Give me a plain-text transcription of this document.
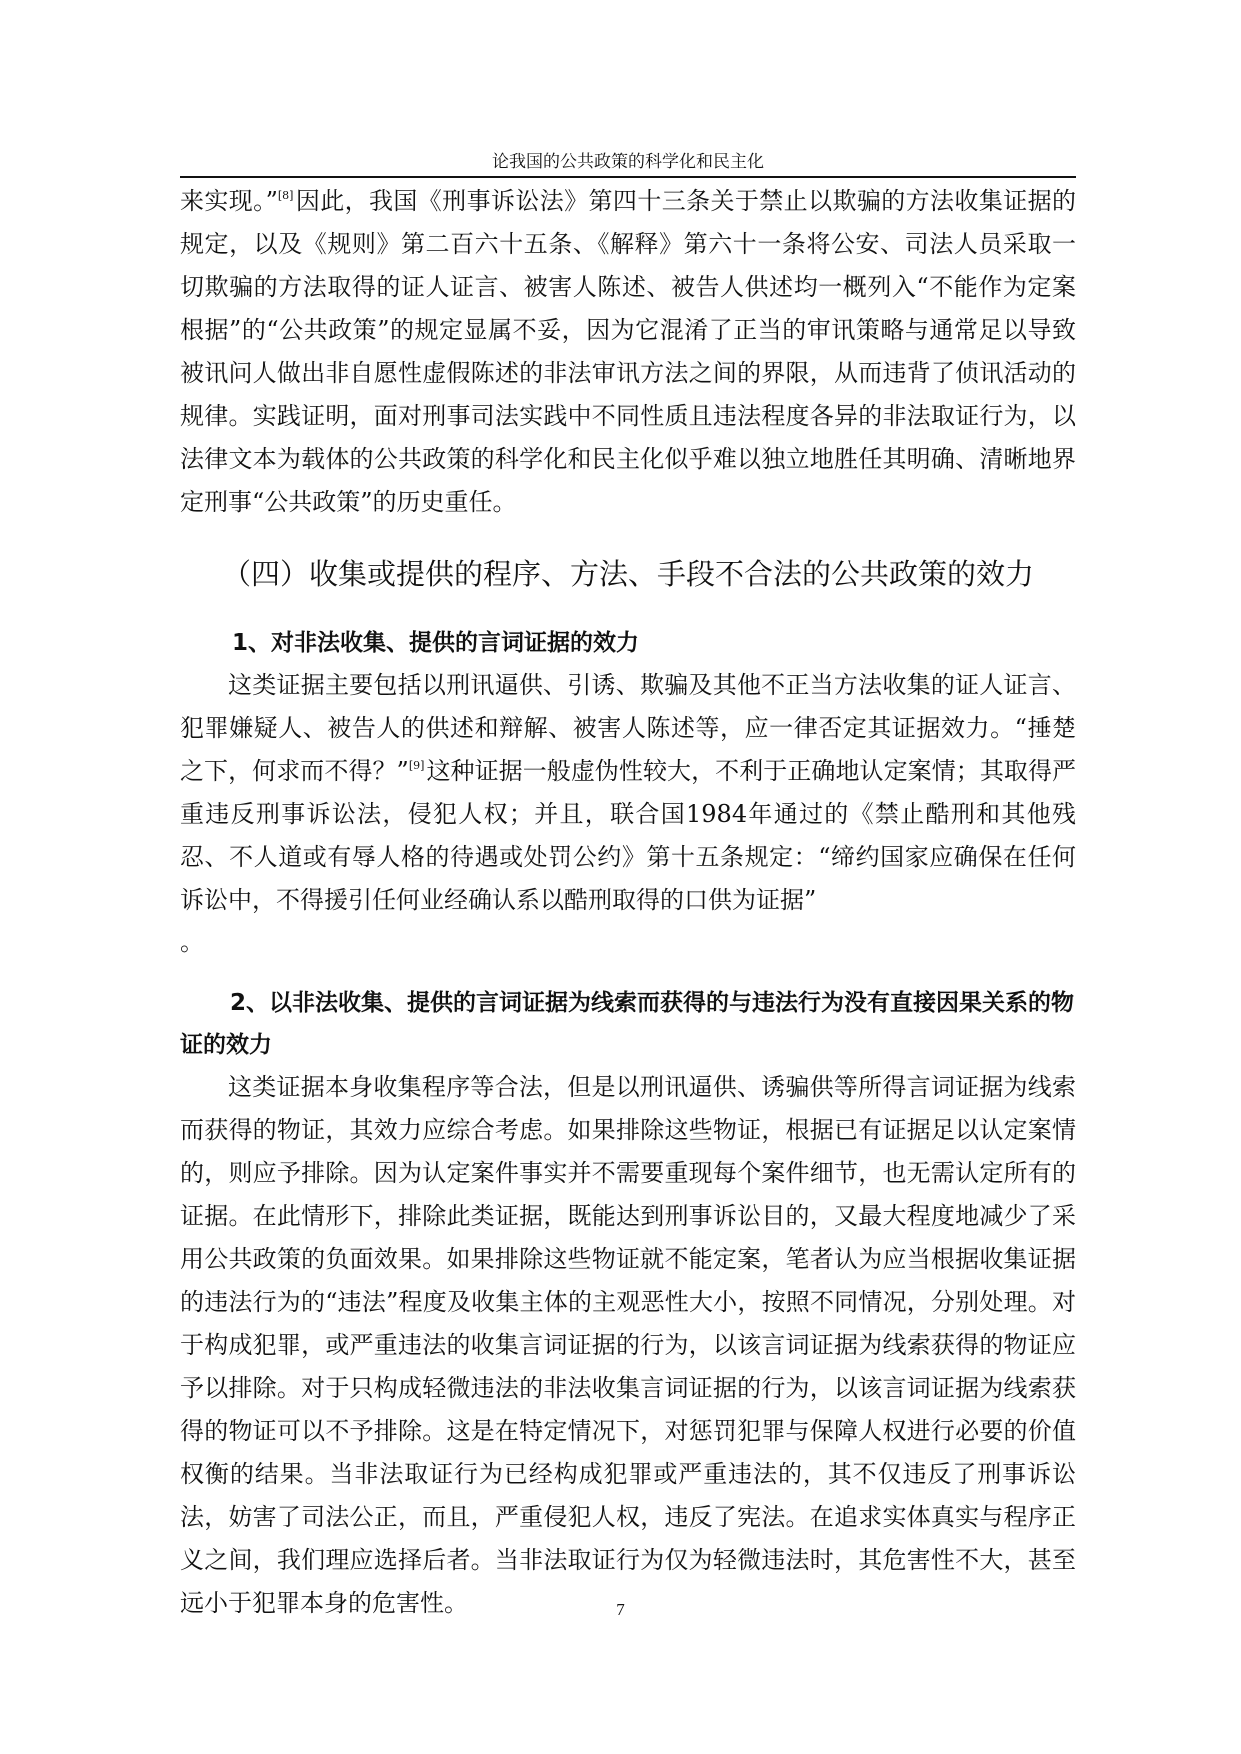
论我国的公共政策的科学化和民主化

来实现。”[8]因此，我国《刑事诉讼法》第四十三条关于禁止以欺骗的方法收集证据的规定，以及《规则》第二百六十五条、《解释》第六十一条将公安、司法人员采取一切欺骗的方法取得的证人证言、被害人陈述、被告人供述均一概列入“不能作为定案根据”的“公共政策”的规定显属不妥，因为它混淆了正当的审讯策略与通常足以导致被讯问人做出非自愿性虚假陈述的非法审讯方法之间的界限，从而违背了侦讯活动的规律。实践证明，面对刑事司法实践中不同性质且违法程度各异的非法取证行为，以法律文本为载体的公共政策的科学化和民主化似乎难以独立地胜任其明确、清晰地界定刑事“公共政策”的历史重任。

（四）收集或提供的程序、方法、手段不合法的公共政策的效力
1、对非法收集、提供的言词证据的效力

这类证据主要包括以刑讯逼供、引诱、欺骗及其他不正当方法收集的证人证言、犯罪嫌疑人、被告人的供述和辩解、被害人陈述等，应一律否定其证据效力。“捶楚之下，何求而不得？”[9]这种证据一般虚伪性较大，不利于正确地认定案情；其取得严重违反刑事诉讼法，侵犯人权；并且，联合国1984年通过的《禁止酷刑和其他残忍、不人道或有辱人格的待遇或处罚公约》第十五条规定：“缔约国家应确保在任何诉讼中，不得援引任何业经确认系以酷刑取得的口供为证据”

。

2、以非法收集、提供的言词证据为线索而获得的与违法行为没有直接因果关系的物证的效力

这类证据本身收集程序等合法，但是以刑讯逼供、诱骗供等所得言词证据为线索而获得的物证，其效力应综合考虑。如果排除这些物证，根据已有证据足以认定案情的，则应予排除。因为认定案件事实并不需要重现每个案件细节，也无需认定所有的证据。在此情形下，排除此类证据，既能达到刑事诉讼目的，又最大程度地减少了采用公共政策的负面效果。如果排除这些物证就不能定案，笔者认为应当根据收集证据的违法行为的“违法”程度及收集主体的主观恶性大小，按照不同情况，分别处理。对于构成犯罪，或严重违法的收集言词证据的行为，以该言词证据为线索获得的物证应予以排除。对于只构成轻微违法的非法收集言词证据的行为，以该言词证据为线索获得的物证可以不予排除。这是在特定情况下，对惩罚犯罪与保障人权进行必要的价值权衡的结果。当非法取证行为已经构成犯罪或严重违法的，其不仅违反了刑事诉讼法，妨害了司法公正，而且，严重侵犯人权，违反了宪法。在追求实体真实与程序正义之间，我们理应选择后者。当非法取证行为仅为轻微违法时，其危害性不大，甚至远小于犯罪本身的危害性。	7
